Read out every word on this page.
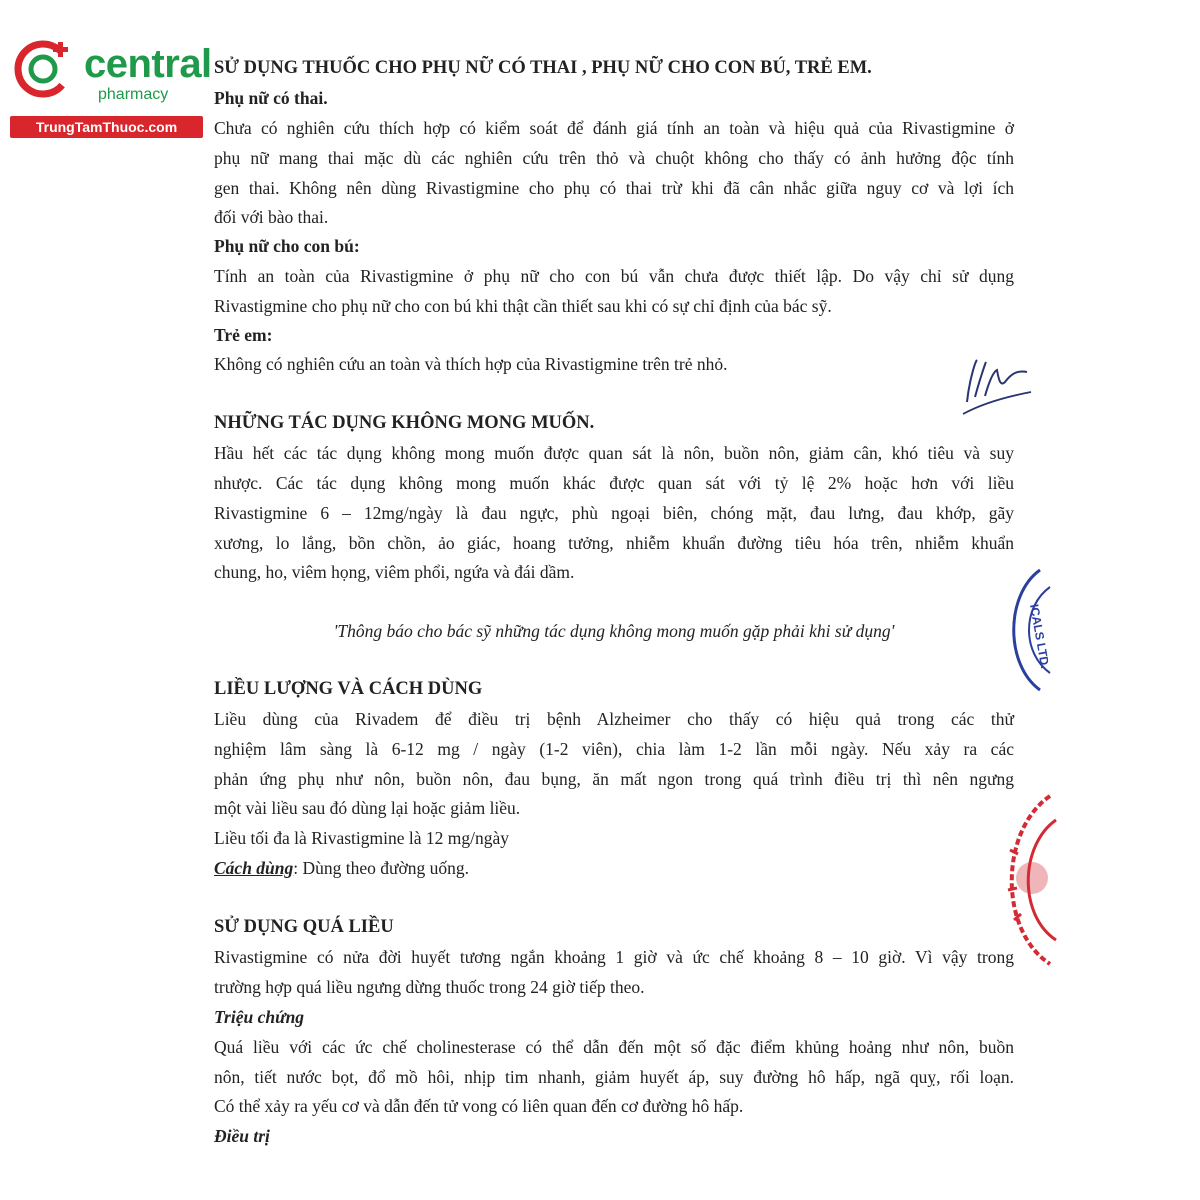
central
pharmacy
TrungTamThuoc.com
SỬ DỤNG THUỐC CHO PHỤ NỮ CÓ THAI , PHỤ NỮ CHO CON BÚ, TRẺ EM.
Phụ nữ có thai.
Chưa có nghiên cứu thích hợp có kiểm soát để đánh giá tính an toàn và hiệu quả của Rivastigmine ở
phụ nữ mang thai mặc dù các nghiên cứu trên thỏ và chuột không cho thấy có ảnh hưởng độc tính
gen thai. Không nên dùng Rivastigmine cho phụ có thai trừ khi đã cân nhắc giữa nguy cơ và lợi ích
đối với bào thai.
Phụ nữ cho con bú:
Tính an toàn của Rivastigmine ở phụ nữ cho con bú vẫn chưa được thiết lập. Do vậy chỉ sử dụng
Rivastigmine cho phụ nữ cho con bú khi thật cần thiết sau khi có sự chỉ định của bác sỹ.
Trẻ em:
Không có nghiên cứu an toàn và thích hợp của Rivastigmine trên trẻ nhỏ.
NHỮNG TÁC DỤNG KHÔNG MONG MUỐN.
Hầu hết các tác dụng không mong muốn được quan sát là nôn, buồn nôn, giảm cân, khó tiêu và suy
nhược. Các tác dụng không mong muốn khác được quan sát với tỷ lệ 2% hoặc hơn với liều
Rivastigmine 6 – 12mg/ngày là đau ngực, phù ngoại biên, chóng mặt, đau lưng, đau khớp, gãy
xương, lo lắng, bồn chồn, ảo giác, hoang tưởng, nhiễm khuẩn đường tiêu hóa trên, nhiễm khuẩn
chung, ho, viêm họng, viêm phổi, ngứa và đái dầm.
'Thông báo cho bác sỹ những tác dụng không mong muốn gặp phải khi sử dụng'
LIỀU LƯỢNG VÀ CÁCH DÙNG
Liều dùng của Rivadem để điều trị bệnh Alzheimer cho thấy có hiệu quả trong các thử
nghiệm lâm sàng là 6-12 mg / ngày (1-2 viên), chia làm 1-2 lần mỗi ngày. Nếu xảy ra các
phản ứng phụ như nôn, buồn nôn, đau bụng, ăn mất ngon trong quá trình điều trị thì nên ngưng
một vài liều sau đó dùng lại hoặc giảm liều.
Liều tối đa là Rivastigmine là 12 mg/ngày
Cách dùng: Dùng theo đường uống.
SỬ DỤNG QUÁ LIỀU
Rivastigmine có nửa đời huyết tương ngắn khoảng 1 giờ và ức chế khoảng 8 – 10 giờ. Vì vậy trong
trường hợp quá liều ngưng dừng thuốc trong 24 giờ tiếp theo.
Triệu chứng
Quá liều với các ức chế cholinesterase có thể dẫn đến một số đặc điểm khủng hoảng như nôn, buồn
nôn, tiết nước bọt, đổ mồ hôi, nhịp tim nhanh, giảm huyết áp, suy đường hô hấp, ngã quỵ, rối loạn.
Có thể xảy ra yếu cơ và dẫn đến tử vong có liên quan đến cơ đường hô hấp.
Điều trị
ICALS LTD.
